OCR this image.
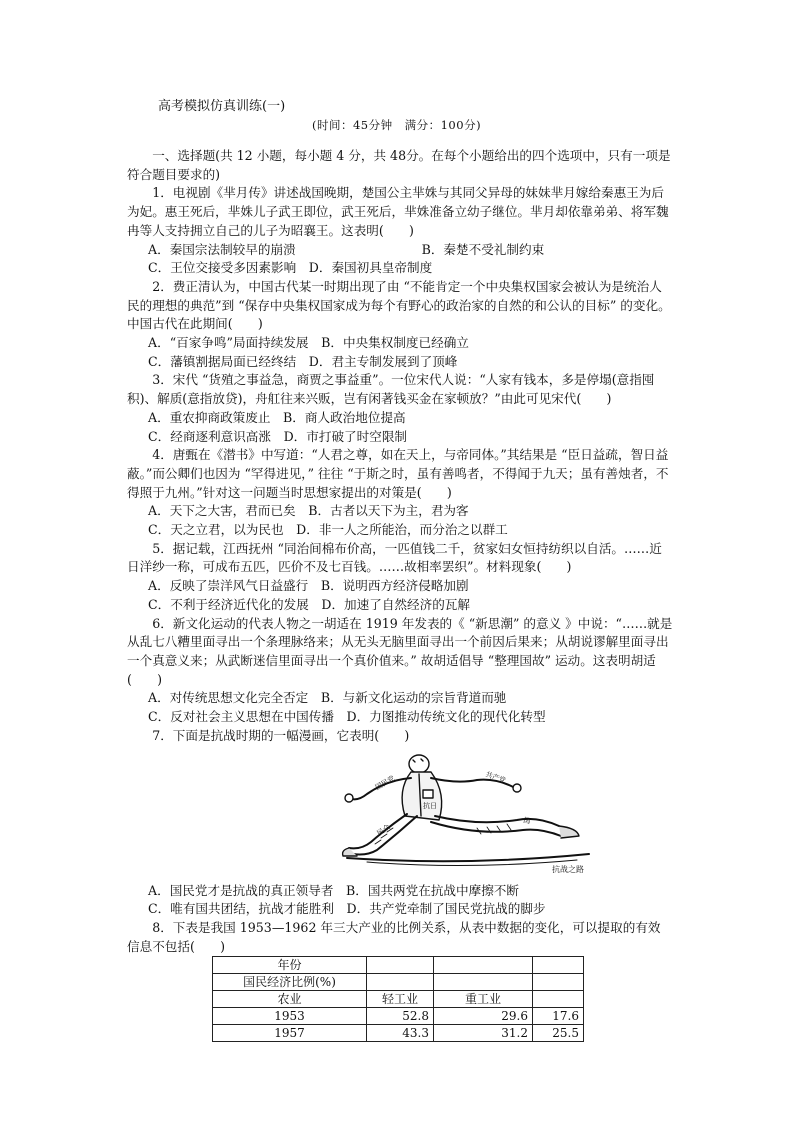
高考模拟仿真训练(一)
(时间：45分钟　满分：100分)

一、选择题(共 12 小题，每小题 4 分，共 48分。在每个小题给出的四个选项中，只有一项是符合题目要求的)

1．电视剧《芈月传》讲述战国晚期，楚国公主芈姝与其同父异母的妹妹芈月嫁给秦惠王为后为妃。惠王死后，芈姝儿子武王即位，武王死后，芈姝准备立幼子继位。芈月却依靠弟弟、将军魏冉等人支持拥立自己的儿子为昭襄王。这表明(　　)

A．秦国宗法制较早的崩溃　　　　　　　　　　B．秦楚不受礼制约束
C．王位交接受多因素影响　D．秦国初具皇帝制度

2．费正清认为，中国古代某一时期出现了由 “不能肯定一个中央集权国家会被认为是统治人民的理想的典范”到 “保存中央集权国家成为每个有野心的政治家的自然的和公认的目标” 的变化。中国古代在此期间(　　)

A．“百家争鸣”局面持续发展　B．中央集权制度已经确立
C．藩镇割据局面已经终结　D．君主专制发展到了顶峰

3．宋代 “货殖之事益急，商贾之事益重”。一位宋代人说：“人家有钱本，多是停塌(意指囤积)、解质(意指放贷)，舟舡往来兴贩，岂有闲著钱买金在家顿放？”由此可见宋代(　　)

A．重农抑商政策废止　B．商人政治地位提高
C．经商逐利意识高涨　D．市打破了时空限制

4．唐甄在《潜书》中写道：“人君之尊，如在天上，与帝同体。”其结果是 “臣日益疏，智日益蔽。”而公卿们也因为 “罕得进见，” 往往 “于斯之时，虽有善鸣者，不得闻于九天；虽有善烛者，不得照于九州。”针对这一问题当时思想家提出的对策是(　　)

A．天下之大害，君而已矣　B．古者以天下为主，君为客
C．天之立君，以为民也　D．非一人之所能治，而分治之以群工

5．据记载，江西抚州 “同治间棉布价高，一匹值钱二千，贫家妇女恒持纺织以自活。……近日洋纱一称，可成布五匹，匹价不及七百钱。……故相率罢织”。材料现象(　　)

A．反映了崇洋风气日益盛行　B．说明西方经济侵略加剧
C．不利于经济近代化的发展　D．加速了自然经济的瓦解

6．新文化运动的代表人物之一胡适在 1919 年发表的《 “新思潮” 的意义 》中说：“……就是从乱七八糟里面寻出一个条理脉络来；从无头无脑里面寻出一个前因后果来；从胡说谬解里面寻出一个真意义来；从武断迷信里面寻出一个真价值来。” 故胡适倡导 “整理国故” 运动。这表明胡适(　　)

A．对传统思想文化完全否定　B．与新文化运动的宗旨背道而驰
C．反对社会主义思想在中国传播　D．力图推动传统文化的现代化转型

7．下面是抗战时期的一幅漫画，它表明(　　)

国民党	共产党
抗日
民众
国
抗战之路
A．国民党才是抗战的真正领导者　B．国共两党在抗战中摩擦不断
C．唯有国共团结，抗战才能胜利　D．共产党牵制了国民党抗战的脚步

8．下表是我国 1953—1962 年三大产业的比例关系，从表中数据的变化，可以提取的有效信息不包括(　　)

年份			
国民经济比例(%)			
农业	轻工业	重工业	
1953	52.8	29.6	17.6
1957	43.3	31.2	25.5
